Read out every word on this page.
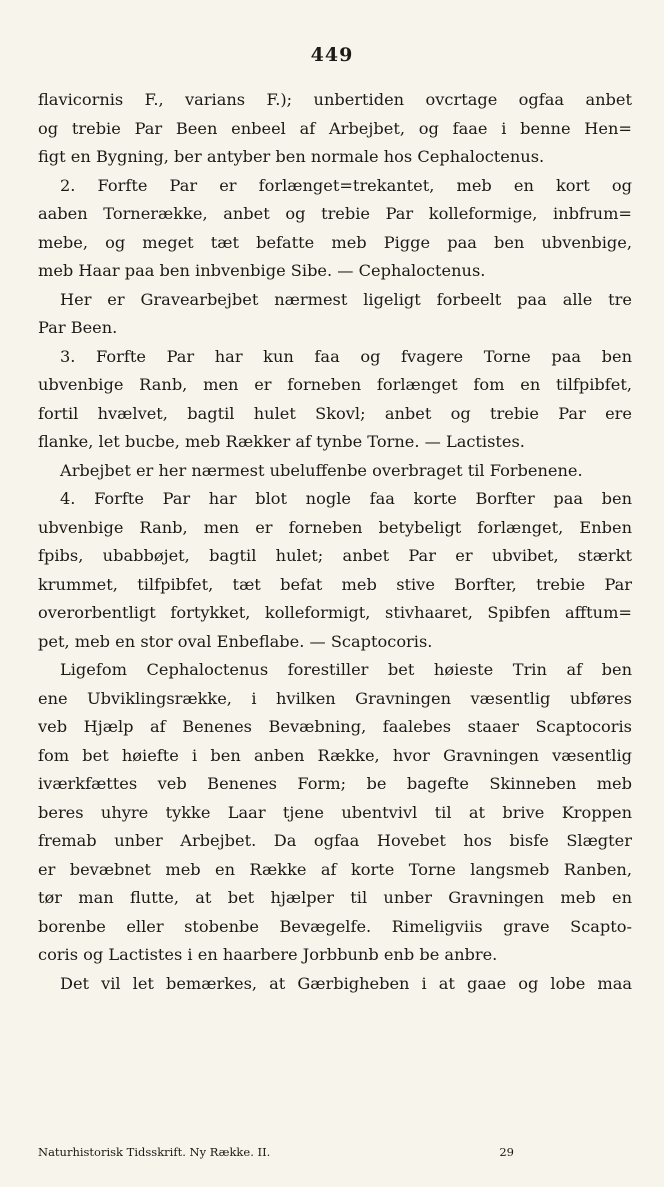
449
flavicornis F., varians F.); unbertiden ovcrtage ogfaa anbet
og trebie Par Been enbeel af Arbejbet, og faae i benne Hen=
figt en Bygning, ber antyber ben normale hos Cephaloctenus.
2. Forfte Par er forlænget=trekantet, meb en kort og
aaben Tornerække, anbet og trebie Par kolleformige, inbfrum=
mebe, og meget tæt befatte meb Pigge paa ben ubvenbige,
meb Haar paa ben inbvenbige Sibe. — Cephaloctenus.
Her er Gravearbejbet nærmest ligeligt forbeelt paa alle tre
Par Been.
3. Forfte Par har kun faa og fvagere Torne paa ben
ubvenbige Ranb, men er forneben forlænget fom en tilfpibfet,
fortil hvælvet, bagtil hulet Skovl; anbet og trebie Par ere
flanke, let bucbe, meb Rækker af tynbe Torne. — Lactistes.
Arbejbet er her nærmest ubeluffenbe overbraget til Forbenene.
4. Forfte Par har blot nogle faa korte Borfter paa ben
ubvenbige Ranb, men er forneben betybeligt forlænget, Enben
fpibs, ubabbøjet, bagtil hulet; anbet Par er ubvibet, stærkt
krummet, tilfpibfet, tæt befat meb stive Borfter, trebie Par
overorbentligt fortykket, kolleformigt, stivhaaret, Spibfen afftum=
pet, meb en stor oval Enbeflabe. — Scaptocoris.
Ligefom Cephaloctenus forestiller bet høieste Trin af ben
ene Ubviklingsrække, i hvilken Gravningen væsentlig ubføres
veb Hjælp af Benenes Bevæbning, faalebes staaer Scaptocoris
fom bet høiefte i ben anben Række, hvor Gravningen væsentlig
iværkfættes veb Benenes Form; be bagefte Skinneben meb
beres uhyre tykke Laar tjene ubentvivl til at brive Kroppen
fremab unber Arbejbet. Da ogfaa Hovebet hos bisfe Slægter
er bevæbnet meb en Række af korte Torne langsmeb Ranben,
tør man flutte, at bet hjælper til unber Gravningen meb en
borenbe eller stobenbe Bevægelfe. Rimeligviis grave Scapto-
coris og Lactistes i en haarbere Jorbbunb enb be anbre.
Det vil let bemærkes, at Gærbigheben i at gaae og lobe maa
Naturhistorisk Tidsskrift. Ny Række. II.	29
